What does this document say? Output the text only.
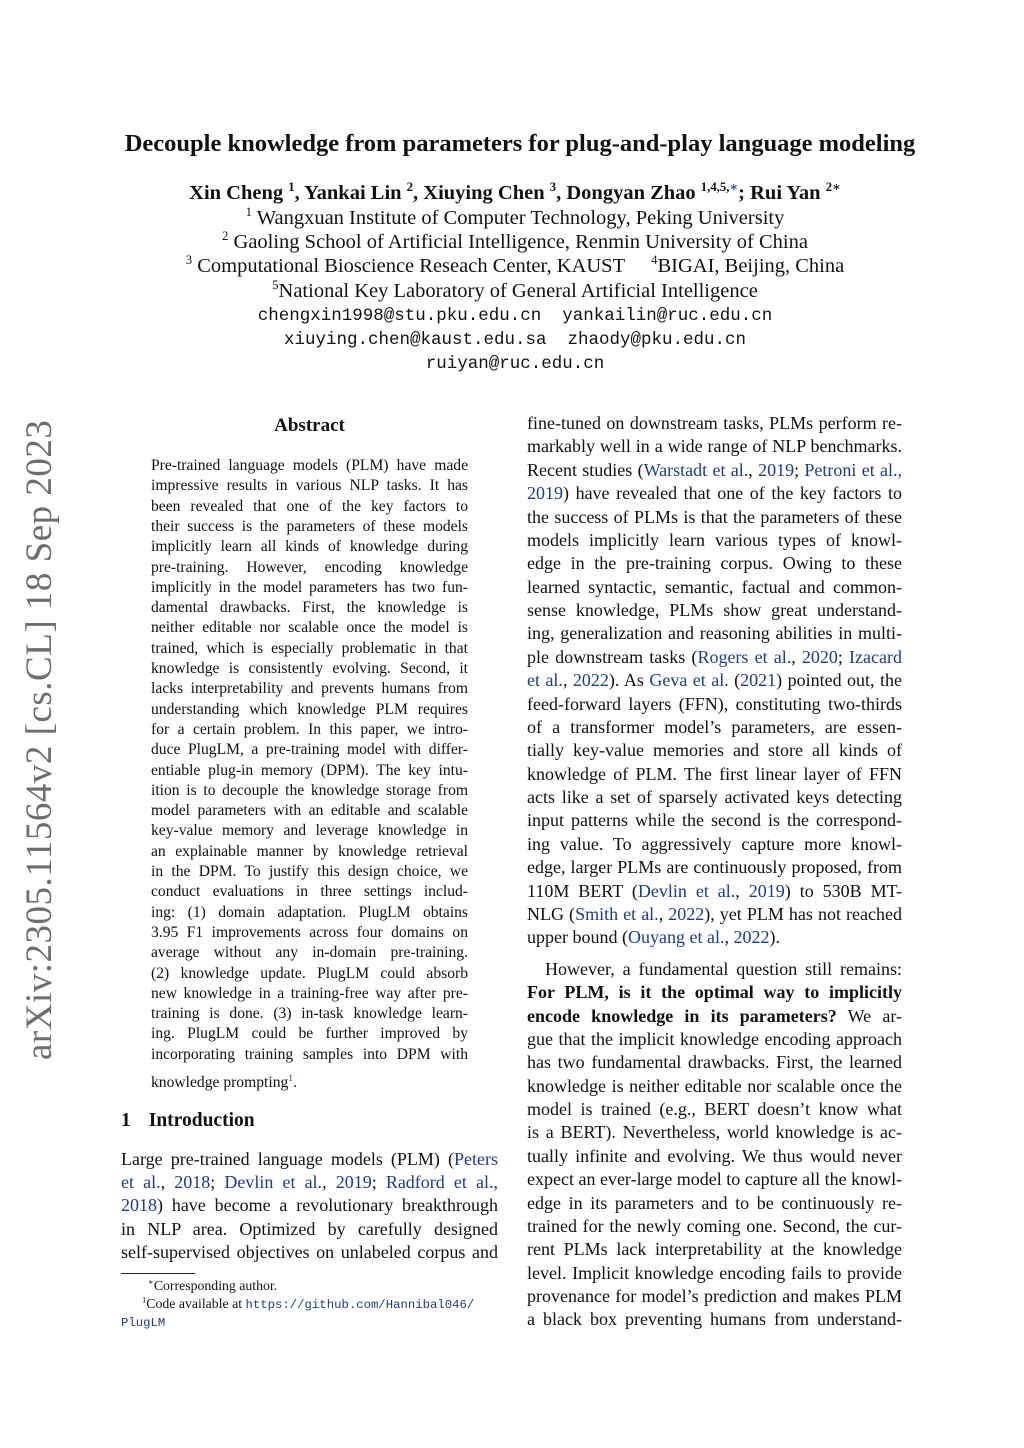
arXiv:2305.11564v2 [cs.CL] 18 Sep 2023
Decouple knowledge from parameters for plug-and-play language modeling
Xin Cheng $^1$, Yankai Lin $^2$, Xiuying Chen $^3$, Dongyan Zhao $^{1,4,5,∗}$; Rui Yan $^{2∗}$
$^1$ Wangxuan Institute of Computer Technology, Peking University
$^2$ Gaoling School of Artificial Intelligence, Renmin University of China
$^3$ Computational Bioscience Reseach Center, KAUST $^4$BIGAI, Beijing, China
$^5$National Key Laboratory of General Artificial Intelligence
chengxin1998@stu.pku.edu.cn yankailin@ruc.edu.cn
xiuying.chen@kaust.edu.sa zhaody@pku.edu.cn
ruiyan@ruc.edu.cn
Abstract
Pre-trained language models (PLM) have made
impressive results in various NLP tasks. It has
been revealed that one of the key factors to
their success is the parameters of these models
implicitly learn all kinds of knowledge during
pre-training. However, encoding knowledge
implicitly in the model parameters has two fun-
damental drawbacks. First, the knowledge is
neither editable nor scalable once the model is
trained, which is especially problematic in that
knowledge is consistently evolving. Second, it
lacks interpretability and prevents humans from
understanding which knowledge PLM requires
for a certain problem. In this paper, we intro-
duce PlugLM, a pre-training model with differ-
entiable plug-in memory (DPM). The key intu-
ition is to decouple the knowledge storage from
model parameters with an editable and scalable
key-value memory and leverage knowledge in
an explainable manner by knowledge retrieval
in the DPM. To justify this design choice, we
conduct evaluations in three settings includ-
ing: (1) domain adaptation. PlugLM obtains
3.95 F1 improvements across four domains on
average without any in-domain pre-training.
(2) knowledge update. PlugLM could absorb
new knowledge in a training-free way after pre-
training is done. (3) in-task knowledge learn-
ing. PlugLM could be further improved by
incorporating training samples into DPM with
knowledge prompting$^1$.
1 Introduction
Large pre-trained language models (PLM) (Peters
et al., 2018; Devlin et al., 2019; Radford et al.,
2018) have become a revolutionary breakthrough
in NLP area. Optimized by carefully designed
self-supervised objectives on unlabeled corpus and
∗Corresponding author.
$^1$Code available at https://github.com/Hannibal046/
PlugLM
fine-tuned on downstream tasks, PLMs perform re-
markably well in a wide range of NLP benchmarks.
Recent studies (Warstadt et al., 2019; Petroni et al.,
2019) have revealed that one of the key factors to
the success of PLMs is that the parameters of these
models implicitly learn various types of knowl-
edge in the pre-training corpus. Owing to these
learned syntactic, semantic, factual and common-
sense knowledge, PLMs show great understand-
ing, generalization and reasoning abilities in multi-
ple downstream tasks (Rogers et al., 2020; Izacard
et al., 2022). As Geva et al. (2021) pointed out, the
feed-forward layers (FFN), constituting two-thirds
of a transformer model’s parameters, are essen-
tially key-value memories and store all kinds of
knowledge of PLM. The first linear layer of FFN
acts like a set of sparsely activated keys detecting
input patterns while the second is the correspond-
ing value. To aggressively capture more knowl-
edge, larger PLMs are continuously proposed, from
110M BERT (Devlin et al., 2019) to 530B MT-
NLG (Smith et al., 2022), yet PLM has not reached
upper bound (Ouyang et al., 2022).
However, a fundamental question still remains:
For PLM, is it the optimal way to implicitly
encode knowledge in its parameters? We ar-
gue that the implicit knowledge encoding approach
has two fundamental drawbacks. First, the learned
knowledge is neither editable nor scalable once the
model is trained (e.g., BERT doesn’t know what
is a BERT). Nevertheless, world knowledge is ac-
tually infinite and evolving. We thus would never
expect an ever-large model to capture all the knowl-
edge in its parameters and to be continuously re-
trained for the newly coming one. Second, the cur-
rent PLMs lack interpretability at the knowledge
level. Implicit knowledge encoding fails to provide
provenance for model’s prediction and makes PLM
a black box preventing humans from understand-
